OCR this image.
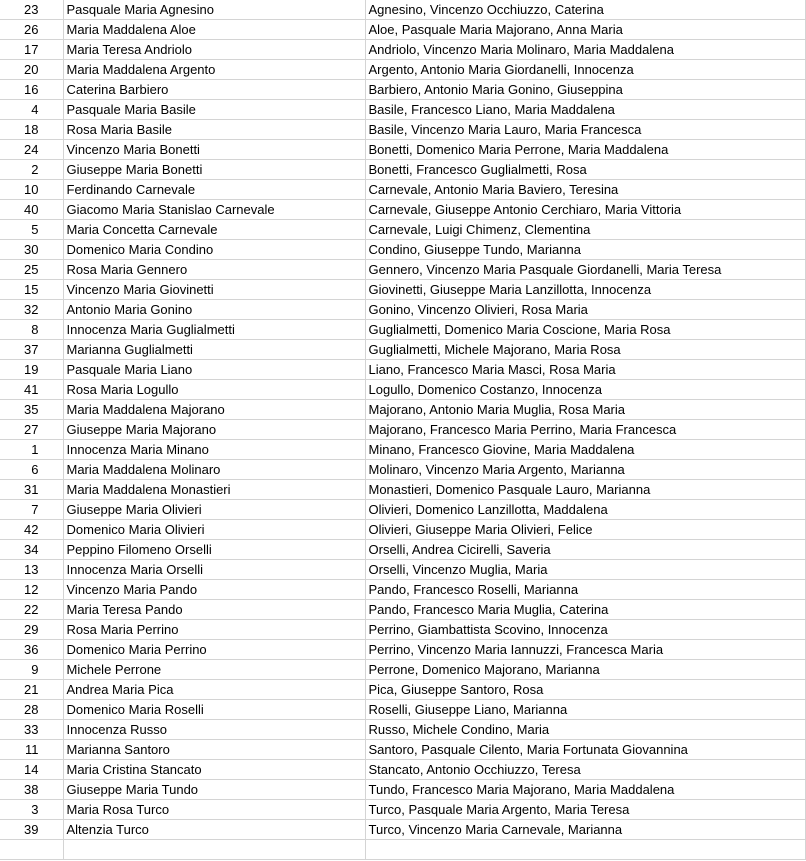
23	Pasquale Maria Agnesino	Agnesino, Vincenzo Occhiuzzo, Caterina
26	Maria Maddalena Aloe	Aloe, Pasquale Maria Majorano, Anna Maria
17	Maria Teresa Andriolo	Andriolo, Vincenzo Maria Molinaro, Maria Maddalena
20	Maria Maddalena Argento	Argento, Antonio Maria Giordanelli, Innocenza
16	Caterina Barbiero	Barbiero, Antonio Maria Gonino, Giuseppina
4	Pasquale Maria Basile	Basile, Francesco Liano, Maria Maddalena
18	Rosa Maria Basile	Basile, Vincenzo Maria Lauro, Maria Francesca
24	Vincenzo Maria Bonetti	Bonetti, Domenico Maria Perrone, Maria Maddalena
2	Giuseppe Maria Bonetti	Bonetti, Francesco Guglialmetti, Rosa
10	Ferdinando Carnevale	Carnevale, Antonio Maria Baviero, Teresina
40	Giacomo Maria Stanislao Carnevale	Carnevale, Giuseppe Antonio Cerchiaro, Maria Vittoria
5	Maria Concetta Carnevale	Carnevale, Luigi Chimenz, Clementina
30	Domenico Maria Condino	Condino, Giuseppe Tundo, Marianna
25	Rosa Maria Gennero	Gennero, Vincenzo Maria Pasquale Giordanelli, Maria Teresa
15	Vincenzo Maria Giovinetti	Giovinetti, Giuseppe Maria Lanzillotta, Innocenza
32	Antonio Maria Gonino	Gonino, Vincenzo Olivieri, Rosa Maria
8	Innocenza Maria Guglialmetti	Guglialmetti, Domenico Maria Coscione, Maria Rosa
37	Marianna Guglialmetti	Guglialmetti, Michele Majorano, Maria Rosa
19	Pasquale Maria Liano	Liano, Francesco Maria Masci, Rosa Maria
41	Rosa Maria Logullo	Logullo, Domenico Costanzo, Innocenza
35	Maria Maddalena Majorano	Majorano, Antonio Maria Muglia, Rosa Maria
27	Giuseppe Maria Majorano	Majorano, Francesco Maria Perrino, Maria Francesca
1	Innocenza Maria Minano	Minano, Francesco Giovine, Maria Maddalena
6	Maria Maddalena Molinaro	Molinaro, Vincenzo Maria Argento, Marianna
31	Maria Maddalena Monastieri	Monastieri, Domenico Pasquale Lauro, Marianna
7	Giuseppe Maria Olivieri	Olivieri, Domenico Lanzillotta, Maddalena
42	Domenico Maria Olivieri	Olivieri, Giuseppe Maria Olivieri, Felice
34	Peppino Filomeno Orselli	Orselli, Andrea Cicirelli, Saveria
13	Innocenza Maria Orselli	Orselli, Vincenzo Muglia, Maria
12	Vincenzo Maria Pando	Pando, Francesco Roselli, Marianna
22	Maria Teresa Pando	Pando, Francesco Maria Muglia, Caterina
29	Rosa Maria Perrino	Perrino, Giambattista Scovino, Innocenza
36	Domenico Maria Perrino	Perrino, Vincenzo Maria Iannuzzi, Francesca Maria
9	Michele Perrone	Perrone, Domenico Majorano, Marianna
21	Andrea Maria Pica	Pica, Giuseppe Santoro, Rosa
28	Domenico Maria Roselli	Roselli, Giuseppe Liano, Marianna
33	Innocenza Russo	Russo, Michele Condino, Maria
11	Marianna Santoro	Santoro, Pasquale Cilento, Maria Fortunata Giovannina
14	Maria Cristina Stancato	Stancato, Antonio Occhiuzzo, Teresa
38	Giuseppe Maria Tundo	Tundo, Francesco Maria Majorano, Maria Maddalena
3	Maria Rosa Turco	Turco, Pasquale Maria Argento, Maria Teresa
39	Altenzia Turco	Turco, Vincenzo Maria Carnevale, Marianna
